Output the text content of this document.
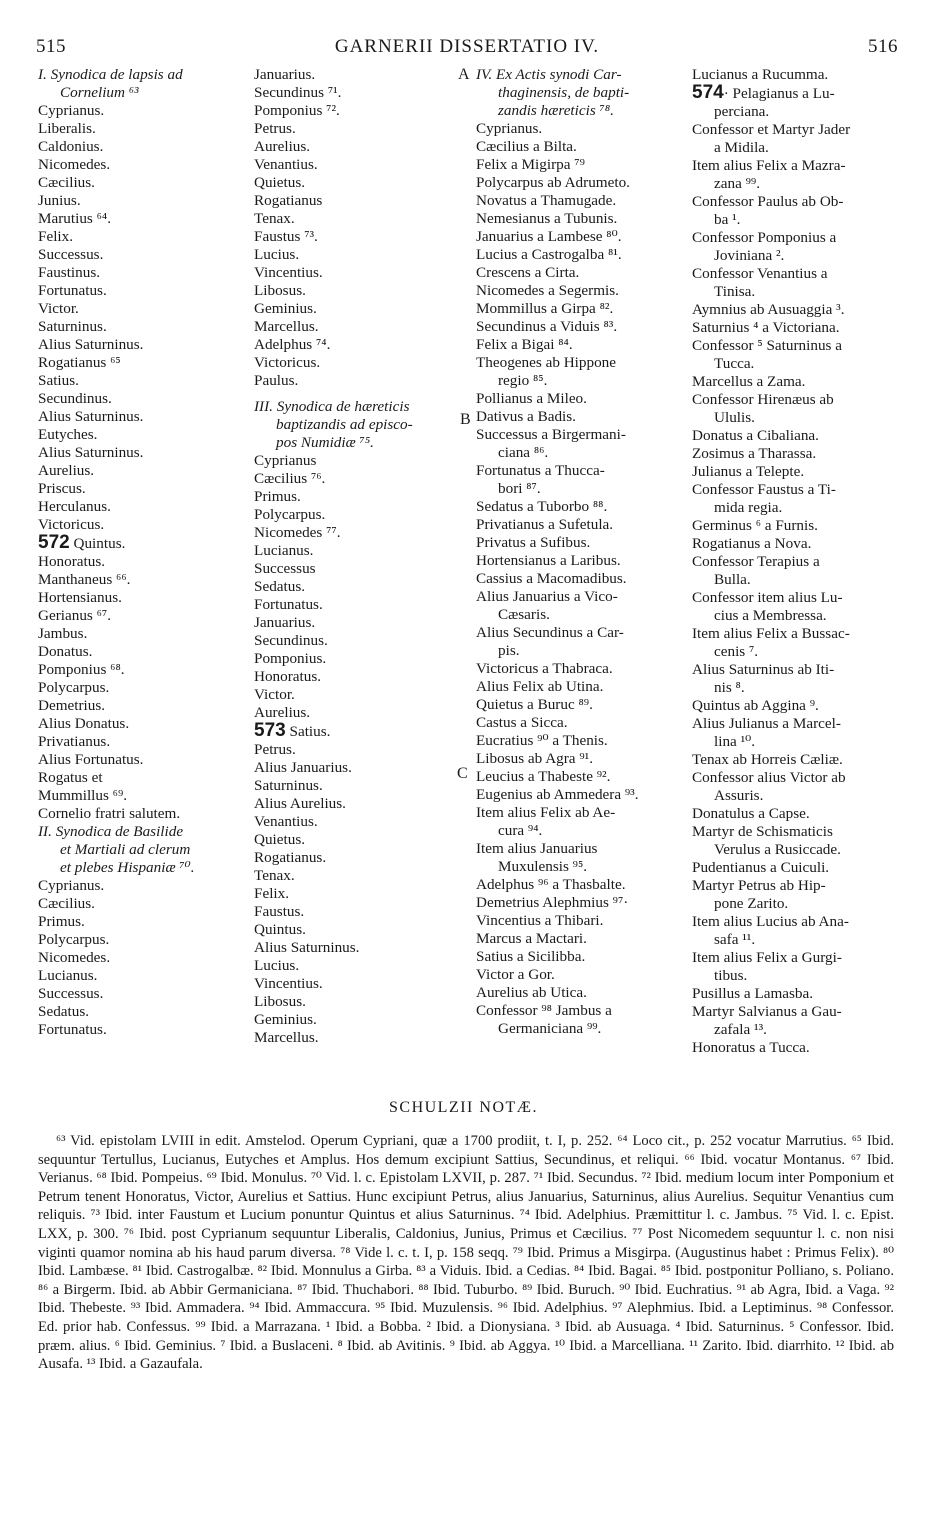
515	GARNERII DISSERTATIO IV.	516
I. Synodica de lapsis ad
Cornelium ⁶³
Cyprianus.
Liberalis.
Caldonius.
Nicomedes.
Cæcilius.
Junius.
Marutius ⁶⁴.
Felix.
Successus.
Faustinus.
Fortunatus.
Victor.
Saturninus.
Alius Saturninus.
Rogatianus ⁶⁵
Satius.
Secundinus.
Alius Saturninus.
Eutyches.
Alius Saturninus.
Aurelius.
Priscus.
Herculanus.
Victoricus.
572 Quintus.
Honoratus.
Manthaneus ⁶⁶.
Hortensianus.
Gerianus ⁶⁷.
Jambus.
Donatus.
Pomponius ⁶⁸.
Polycarpus.
Demetrius.
Alius Donatus.
Privatianus.
Alius Fortunatus.
Rogatus et
Mummillus ⁶⁹.
Cornelio fratri salutem.
II. Synodica de Basilide
et Martiali ad clerum
et plebes Hispaniæ ⁷⁰.
Cyprianus.
Cæcilius.
Primus.
Polycarpus.
Nicomedes.
Lucianus.
Successus.
Sedatus.
Fortunatus.
Januarius.
Secundinus ⁷¹.
Pomponius ⁷².
Petrus.
Aurelius.
Venantius.
Quietus.
Rogatianus
Tenax.
Faustus ⁷³.
Lucius.
Vincentius.
Libosus.
Geminius.
Marcellus.
Adelphus ⁷⁴.
Victoricus.
Paulus.
III. Synodica de hæreticis
baptizandis ad episco-
pos Numidiæ ⁷⁵.
Cyprianus
Cæcilius ⁷⁶.
Primus.
Polycarpus.
Nicomedes ⁷⁷.
Lucianus.
Successus
Sedatus.
Fortunatus.
Januarius.
Secundinus.
Pomponius.
Honoratus.
Victor.
Aurelius.
573 Satius.
Petrus.
Alius Januarius.
Saturninus.
Alius Aurelius.
Venantius.
Quietus.
Rogatianus.
Tenax.
Felix.
Faustus.
Quintus.
Alius Saturninus.
Lucius.
Vincentius.
Libosus.
Geminius.
Marcellus.
IV. Ex Actis synodi Car-
thaginensis, de bapti-
zandis hæreticis ⁷⁸.
Cyprianus.
Cæcilius a Bilta.
Felix a Migirpa ⁷⁹
Polycarpus ab Adrumeto.
Novatus a Thamugade.
Nemesianus a Tubunis.
Januarius a Lambese ⁸⁰.
Lucius a Castrogalba ⁸¹.
Crescens a Cirta.
Nicomedes a Segermis.
Mommillus a Girpa ⁸².
Secundinus a Viduis ⁸³.
Felix a Bigai ⁸⁴.
Theogenes ab Hippone
regio ⁸⁵.
Pollianus a Mileo.
Dativus a Badis.
Successus a Birgermani-
ciana ⁸⁶.
Fortunatus a Thucca-
bori ⁸⁷.
Sedatus a Tuborbo ⁸⁸.
Privatianus a Sufetula.
Privatus a Sufibus.
Hortensianus a Laribus.
Cassius a Macomadibus.
Alius Januarius a Vico-
Cæsaris.
Alius Secundinus a Car-
pis.
Victoricus a Thabraca.
Alius Felix ab Utina.
Quietus a Buruc ⁸⁹.
Castus a Sicca.
Eucratius ⁹⁰ a Thenis.
Libosus ab Agra ⁹¹.
Leucius a Thabeste ⁹².
Eugenius ab Ammedera ⁹³.
Item alius Felix ab Ae-
cura ⁹⁴.
Item alius Januarius
Muxulensis ⁹⁵.
Adelphus ⁹⁶ a Thasbalte.
Demetrius Alephmius ⁹⁷·
Vincentius a Thibari.
Marcus a Mactari.
Satius a Sicilibba.
Victor a Gor.
Aurelius ab Utica.
Confessor ⁹⁸ Jambus a
Germaniciana ⁹⁹.
Lucianus a Rucumma.
574· Pelagianus a Lu-
perciana.
Confessor et Martyr Jader
a Midila.
Item alius Felix a Mazra-
zana ⁹⁹.
Confessor Paulus ab Ob-
ba ¹.
Confessor Pomponius a
Joviniana ².
Confessor Venantius a
Tinisa.
Aymnius ab Ausuaggia ³.
Saturnius ⁴ a Victoriana.
Confessor ⁵ Saturninus a
Tucca.
Marcellus a Zama.
Confessor Hirenæus ab
Ululis.
Donatus a Cibaliana.
Zosimus a Tharassa.
Julianus a Telepte.
Confessor Faustus a Ti-
mida regia.
Germinus ⁶ a Furnis.
Rogatianus a Nova.
Confessor Terapius a
Bulla.
Confessor item alius Lu-
cius a Membressa.
Item alius Felix a Bussac-
cenis ⁷.
Alius Saturninus ab Iti-
nis ⁸.
Quintus ab Aggina ⁹.
Alius Julianus a Marcel-
lina ¹⁰.
Tenax ab Horreis Cæliæ.
Confessor alius Victor ab
Assuris.
Donatulus a Capse.
Martyr de Schismaticis
Verulus a Rusiccade.
Pudentianus a Cuiculi.
Martyr Petrus ab Hip-
pone Zarito.
Item alius Lucius ab Ana-
safa ¹¹.
Item alius Felix a Gurgi-
tibus.
Pusillus a Lamasba.
Martyr Salvianus a Gau-
zafala ¹³.
Honoratus a Tucca.
A
B
C
SCHULZII NOTÆ.

⁶³ Vid. epistolam LVIII in edit. Amstelod. Operum Cypriani, quæ a 1700 prodiit, t. I, p. 252. ⁶⁴ Loco cit., p. 252 vocatur Marrutius. ⁶⁵ Ibid. sequuntur Tertullus, Lucianus, Eutyches et Amplus. Hos demum excipiunt Sattius, Secundinus, et reliqui. ⁶⁶ Ibid. vocatur Montanus. ⁶⁷ Ibid. Verianus. ⁶⁸ Ibid. Pompeius. ⁶⁹ Ibid. Monulus. ⁷⁰ Vid. l. c. Epistolam LXVII, p. 287. ⁷¹ Ibid. Secundus. ⁷² Ibid. medium locum inter Pomponium et Petrum tenent Honoratus, Victor, Aurelius et Sattius. Hunc excipiunt Petrus, alius Januarius, Saturninus, alius Aurelius. Sequitur Venantius cum reliquis. ⁷³ Ibid. inter Faustum et Lucium ponuntur Quintus et alius Saturninus. ⁷⁴ Ibid. Adelphius. Præmittitur l. c. Jambus. ⁷⁵ Vid. l. c. Epist. LXX, p. 300. ⁷⁶ Ibid. post Cyprianum sequuntur Liberalis, Caldonius, Junius, Primus et Cæcilius. ⁷⁷ Post Nicomedem sequuntur l. c. non nisi viginti quamor nomina ab his haud parum diversa. ⁷⁸ Vide l. c. t. I, p. 158 seqq. ⁷⁹ Ibid. Primus a Misgirpa. (Augustinus habet : Primus Felix). ⁸⁰ Ibid. Lambæse. ⁸¹ Ibid. Castrogalbæ. ⁸² Ibid. Monnulus a Girba. ⁸³ a Viduis. Ibid. a Cedias. ⁸⁴ Ibid. Bagai. ⁸⁵ Ibid. postponitur Polliano, s. Poliano. ⁸⁶ a Birgerm. Ibid. ab Abbir Germaniciana. ⁸⁷ Ibid. Thuchabori. ⁸⁸ Ibid. Tuburbo. ⁸⁹ Ibid. Buruch. ⁹⁰ Ibid. Euchratius. ⁹¹ ab Agra, Ibid. a Vaga. ⁹² Ibid. Thebeste. ⁹³ Ibid. Ammadera. ⁹⁴ Ibid. Ammaccura. ⁹⁵ Ibid. Muzulensis. ⁹⁶ Ibid. Adelphius. ⁹⁷ Alephmius. Ibid. a Leptiminus. ⁹⁸ Confessor. Ed. prior hab. Confessus. ⁹⁹ Ibid. a Marrazana. ¹ Ibid. a Bobba. ² Ibid. a Dionysiana. ³ Ibid. ab Ausuaga. ⁴ Ibid. Saturninus. ⁵ Confessor. Ibid. præm. alius. ⁶ Ibid. Geminius. ⁷ Ibid. a Buslaceni. ⁸ Ibid. ab Avitinis. ⁹ Ibid. ab Aggya. ¹⁰ Ibid. a Marcelliana. ¹¹ Zarito. Ibid. diarrhito. ¹² Ibid. ab Ausafa. ¹³ Ibid. a Gazaufala.
